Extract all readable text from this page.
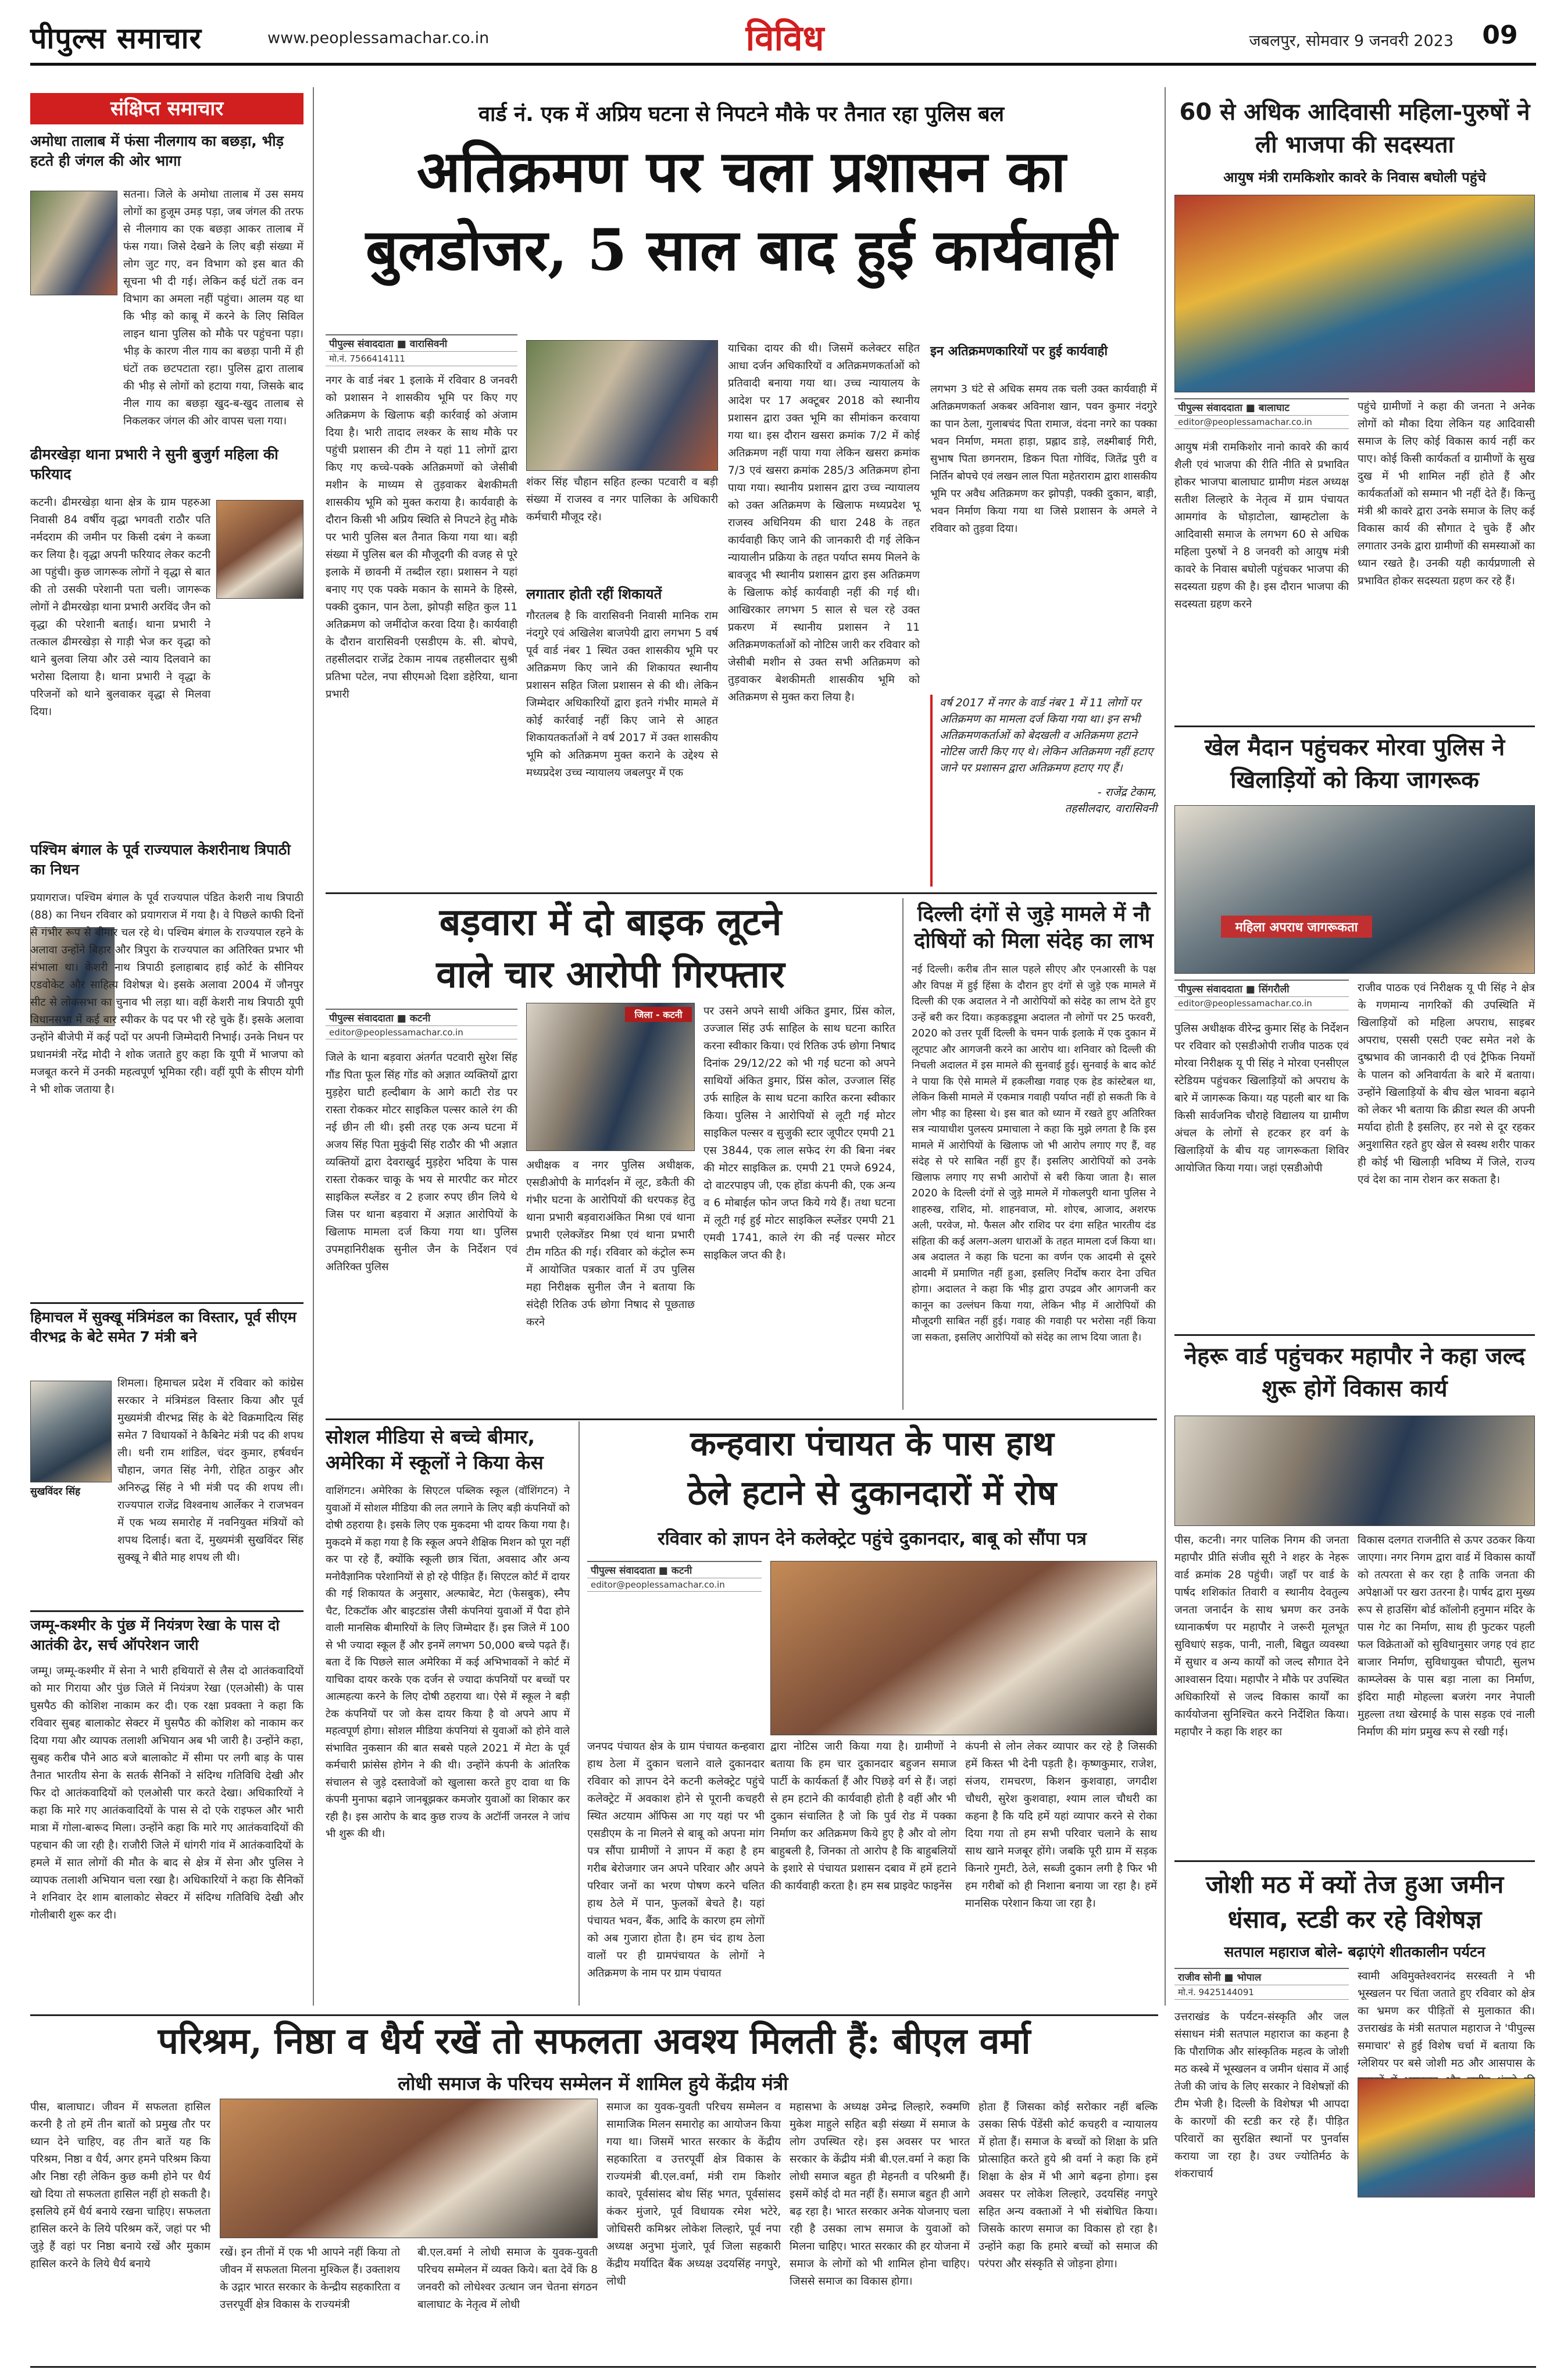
पीपुल्स समाचार	www.peoplessamachar.co.in	विविध	जबलपुर, सोमवार 9 जनवरी 2023	09
संक्षिप्त समाचार
अमोधा तालाब में फंसा नीलगाय का बछड़ा, भीड़ हटते ही जंगल की ओर भागा
सतना। जिले के अमोधा तालाब में उस समय लोगों का हुजूम उमड़ पड़ा, जब जंगल की तरफ से नीलगाय का एक बछड़ा आकर तालाब में फंस गया। जिसे देखने के लिए बड़ी संख्या में लोग जुट गए, वन विभाग को इस बात की सूचना भी दी गई। लेकिन कई घंटों तक वन विभाग का अमला नहीं पहुंचा। आलम यह था कि भीड़ को काबू में करने के लिए सिविल लाइन थाना पुलिस को मौके पर पहुंचना पड़ा। भीड़ के कारण नील गाय का बछड़ा पानी में ही घंटों तक छटपटाता रहा। पुलिस द्वारा तालाब की भीड़ से लोगों को हटाया गया, जिसके बाद नील गाय का बछड़ा खुद-ब-खुद तालाब से निकलकर जंगल की ओर वापस चला गया।
ढीमरखेड़ा थाना प्रभारी ने सुनी बुजुर्ग महिला की फरियाद
कटनी। ढीमरखेड़ा थाना क्षेत्र के ग्राम पहरुआ निवासी 84 वर्षीय वृद्धा भगवती राठौर पति नर्मदराम की जमीन पर किसी दबंग ने कब्जा कर लिया है। वृद्धा अपनी फरियाद लेकर कटनी आ पहुंची। कुछ जागरूक लोगों ने वृद्धा से बात की तो उसकी परेशानी पता चली। जागरूक लोगों ने ढीमरखेड़ा थाना प्रभारी अरविंद जैन को वृद्धा की परेशानी बताई। थाना प्रभारी ने तत्काल ढीमरखेड़ा से गाड़ी भेज कर वृद्धा को थाने बुलवा लिया और उसे न्याय दिलवाने का भरोसा दिलाया है। थाना प्रभारी ने वृद्धा के परिजनों को थाने बुलवाकर वृद्धा से मिलवा दिया।
पश्चिम बंगाल के पूर्व राज्यपाल केशरीनाथ त्रिपाठी का निधन
प्रयागराज। पश्चिम बंगाल के पूर्व राज्यपाल पंडित केशरी नाथ त्रिपाठी (88) का निधन रविवार को प्रयागराज में गया है। वे पिछले काफी दिनों से गंभीर रूप से बीमार चल रहे थे। पश्चिम बंगाल के राज्यपाल रहने के अलावा उन्होंने बिहार और त्रिपुरा के राज्यपाल का अतिरिक्त प्रभार भी संभाला था। केशरी नाथ त्रिपाठी इलाहाबाद हाई कोर्ट के सीनियर एडवोकेट और साहित्य विशेषज्ञ थे। इसके अलावा 2004 में जौनपुर सीट से लोकसभा का चुनाव भी लड़ा था। वहीं केशरी नाथ त्रिपाठी यूपी विधानसभा में कई बार स्पीकर के पद पर भी रहे चुके हैं। इसके अलावा उन्होंने बीजेपी में कई पदों पर अपनी जिम्मेदारी निभाई। उनके निधन पर प्रधानमंत्री नरेंद्र मोदी ने शोक जताते हुए कहा कि यूपी में भाजपा को मजबूत करने में उनकी महत्वपूर्ण भूमिका रही। वहीं यूपी के सीएम योगी ने भी शोक जताया है।
हिमाचल में सुक्खू मंत्रिमंडल का विस्तार, पूर्व सीएम वीरभद्र के बेटे समेत 7 मंत्री बने
सुखविंदर सिंह
शिमला। हिमाचल प्रदेश में रविवार को कांग्रेस सरकार ने मंत्रिमंडल विस्तार किया और पूर्व मुख्यमंत्री वीरभद्र सिंह के बेटे विक्रमादित्य सिंह समेत 7 विधायकों ने कैबिनेट मंत्री पद की शपथ ली। धनी राम शांडिल, चंदर कुमार, हर्षवर्धन चौहान, जगत सिंह नेगी, रोहित ठाकुर और अनिरुद्ध सिंह ने भी मंत्री पद की शपथ ली। राज्यपाल राजेंद्र विश्वनाथ आर्लेकर ने राजभवन में एक भव्य समारोह में नवनियुक्त मंत्रियों को शपथ दिलाई। बता दें, मुख्यमंत्री सुखविंदर सिंह सुक्खू ने बीते माह शपथ ली थी।
जम्मू-कश्मीर के पुंछ में नियंत्रण रेखा के पास दो आतंकी ढेर, सर्च ऑपरेशन जारी
जम्मू। जम्मू-कश्मीर में सेना ने भारी हथियारों से लैस दो आतंकवादियों को मार गिराया और पुंछ जिले में नियंत्रण रेखा (एलओसी) के पास घुसपैठ की कोशिश नाकाम कर दी। एक रक्षा प्रवक्ता ने कहा कि रविवार सुबह बालाकोट सेक्टर में घुसपैठ की कोशिश को नाकाम कर दिया गया और व्यापक तलाशी अभियान अब भी जारी है। उन्होंने कहा, सुबह करीब पौने आठ बजे बालाकोट में सीमा पर लगी बाड़ के पास तैनात भारतीय सेना के सतर्क सैनिकों ने संदिग्ध गतिविधि देखी और फिर दो आतंकवादियों को एलओसी पार करते देखा। अधिकारियों ने कहा कि मारे गए आतंकवादियों के पास से दो एके राइफल और भारी मात्रा में गोला-बारूद मिला। उन्होंने कहा कि मारे गए आतंकवादियों की पहचान की जा रही है। राजौरी जिले में धांगरी गांव में आतंकवादियों के हमले में सात लोगों की मौत के बाद से क्षेत्र में सेना और पुलिस ने व्यापक तलाशी अभियान चला रखा है। अधिकारियों ने कहा कि सैनिकों ने शनिवार देर शाम बालाकोट सेक्टर में संदिग्ध गतिविधि देखी और गोलीबारी शुरू कर दी।
वार्ड नं. एक में अप्रिय घटना से निपटने मौके पर तैनात रहा पुलिस बल
अतिक्रमण पर चला प्रशासन का
बुलडोजर, 5 साल बाद हुई कार्यवाही
पीपुल्स संवाददाता ■ वारासिवनी
मो.नं. 7566414111
नगर के वार्ड नंबर 1 इलाके में रविवार 8 जनवरी को प्रशासन ने शासकीय भूमि पर किए गए अतिक्रमण के खिलाफ बड़ी कार्रवाई को अंजाम दिया है। भारी तादाद लश्कर के साथ मौके पर पहुंची प्रशासन की टीम ने यहां 11 लोगों द्वारा किए गए कच्चे-पक्के अतिक्रमणों को जेसीबी मशीन के माध्यम से तुड़वाकर बेशकीमती शासकीय भूमि को मुक्त कराया है। कार्यवाही के दौरान किसी भी अप्रिय स्थिति से निपटने हेतु मौके पर भारी पुलिस बल तैनात किया गया था। बड़ी संख्या में पुलिस बल की मौजूदगी की वजह से पूरे इलाके में छावनी में तब्दील रहा। प्रशासन ने यहां बनाए गए एक पक्के मकान के सामने के हिस्से, पक्की दुकान, पान ठेला, झोपड़ी सहित कुल 11 अतिक्रमण को जमींदोज करवा दिया है। कार्यवाही के दौरान वारासिवनी एसडीएम के. सी. बोपचे, तहसीलदार राजेंद्र टेकाम नायब तहसीलदार सुश्री प्रतिभा पटेल, नपा सीएमओ दिशा डहेरिया, थाना प्रभारी
शंकर सिंह चौहान सहित हल्का पटवारी व बड़ी संख्या में राजस्व व नगर पालिका के अधिकारी कर्मचारी मौजूद रहे।
लगातार होती रहीं शिकायतें
गौरतलब है कि वारासिवनी निवासी मानिक राम नंदगुरे एवं अखिलेश बाजपेयी द्वारा लगभग 5 वर्ष पूर्व वार्ड नंबर 1 स्थित उक्त शासकीय भूमि पर अतिक्रमण किए जाने की शिकायत स्थानीय प्रशासन सहित जिला प्रशासन से की थी। लेकिन जिम्मेदार अधिकारियों द्वारा इतने गंभीर मामले में कोई कार्रवाई नहीं किए जाने से आहत शिकायतकर्ताओं ने वर्ष 2017 में उक्त शासकीय भूमि को अतिक्रमण मुक्त कराने के उद्देश्य से मध्यप्रदेश उच्च न्यायालय जबलपुर में एक
याचिका दायर की थी। जिसमें कलेक्टर सहित आधा दर्जन अधिकारियों व अतिक्रमणकर्ताओं को प्रतिवादी बनाया गया था। उच्च न्यायालय के आदेश पर 17 अक्टूबर 2018 को स्थानीय प्रशासन द्वारा उक्त भूमि का सीमांकन करवाया गया था। इस दौरान खसरा क्रमांक 7/2 में कोई अतिक्रमण नहीं पाया गया लेकिन खसरा क्रमांक 7/3 एवं खसरा क्रमांक 285/3 अतिक्रमण होना पाया गया। स्थानीय प्रशासन द्वारा उच्च न्यायालय को उक्त अतिक्रमण के खिलाफ मध्यप्रदेश भू राजस्व अधिनियम की धारा 248 के तहत कार्यवाही किए जाने की जानकारी दी गई लेकिन न्यायालीन प्रक्रिया के तहत पर्याप्त समय मिलने के बावजूद भी स्थानीय प्रशासन द्वारा इस अतिक्रमण के खिलाफ कोई कार्यवाही नहीं की गई थी। आखिरकार लगभग 5 साल से चल रहे उक्त प्रकरण में स्थानीय प्रशासन ने 11 अतिक्रमणकर्ताओं को नोटिस जारी कर रविवार को जेसीबी मशीन से उक्त सभी अतिक्रमण को तुड़वाकर बेशकीमती शासकीय भूमि को अतिक्रमण से मुक्त करा लिया है।
इन अतिक्रमणकारियों पर हुई कार्यवाही
लगभग 3 घंटे से अधिक समय तक चली उक्त कार्यवाही में अतिक्रमणकर्ता अकबर अविनाश खान, पवन कुमार नंदगुरे का पान ठेला, गुलाबचंद पिता रामाज, वंदना नगरे का पक्का भवन निर्माण, ममता हाड़ा, प्रह्लाद डाड़े, लक्ष्मीबाई गिरी, सुभाष पिता छगनराम, डिकन पिता गोविंद, जितेंद्र पुरी व निर्तिन बोपचे एवं लखन लाल पिता महेतराराम द्वारा शासकीय भूमि पर अवैध अतिक्रमण कर झोपड़ी, पक्की दुकान, बाड़ी, भवन निर्माण किया गया था जिसे प्रशासन के अमले ने रविवार को तुड़वा दिया।
वर्ष 2017 में नगर के वार्ड नंबर 1 में 11 लोगों पर अतिक्रमण का मामला दर्ज किया गया था। इन सभी अतिक्रमणकर्ताओं को बेदखली व अतिक्रमण हटाने नोटिस जारी किए गए थे। लेकिन अतिक्रमण नहीं हटाए जाने पर प्रशासन द्वारा अतिक्रमण हटाए गए हैं।
- राजेंद्र टेकाम,
तहसीलदार, वारासिवनी
बड़वारा में दो बाइक लूटने
वाले चार आरोपी गिरफ्तार
पीपुल्स संवाददाता ■ कटनी
editor@peoplessamachar.co.in
जिले के थाना बड़वारा अंतर्गत पटवारी सुरेश सिंह गौंड पिता फूल सिंह गोंड को अज्ञात व्यक्तियों द्वारा मुड़हेरा घाटी हल्दीबाग के आगे काटी रोड पर रास्ता रोककर मोटर साइकिल पल्सर काले रंग की नई छीन ली थी। इसी तरह एक अन्य घटना में अजय सिंह पिता मुकुंदी सिंह राठौर की भी अज्ञात व्यक्तियों द्वारा देवराखुर्द मुड़हेरा भदिया के पास रास्ता रोककर चाकू के भय से मारपीट कर मोटर साइकिल स्प्लेंडर व 2 हजार रुपए छीन लिये थे जिस पर थाना बड़वारा में अज्ञात आरोपियों के खिलाफ मामला दर्ज किया गया था। पुलिस उपमहानिरीक्षक सुनील जैन के निर्देशन एवं अतिरिक्त पुलिस
जिला - कटनी
अधीक्षक व नगर पुलिस अधीक्षक, एसडीओपी के मार्गदर्शन में लूट, डकैती की गंभीर घटना के आरोपियों की धरपकड़ हेतु थाना प्रभारी बड़वाराअंकित मिश्रा एवं थाना प्रभारी एलेक्जेंडर मिश्रा एवं थाना प्रभारी टीम गठित की गई। रविवार को कंट्रोल रूम में आयोजित पत्रकार वार्ता में उप पुलिस महा निरीक्षक सुनील जैन ने बताया कि संदेही रितिक उर्फ छोगा निषाद से पूछताछ करने
पर उसने अपने साथी अंकित डुमार, प्रिंस कोल, उज्जाल सिंह उर्फ साहिल के साथ घटना कारित करना स्वीकार किया। एवं रितिक उर्फ छोगा निषाद दिनांक 29/12/22 को भी गई घटना को अपने साथियों अंकित डुमार, प्रिंस कोल, उज्जाल सिंह उर्फ साहिल के साथ घटना कारित करना स्वीकार किया। पुलिस ने आरोपियों से लूटी गई मोटर साइकिल पल्सर व सुजुकी स्टार जूपीटर एमपी 21 एस 3844, एक लाल सफेद रंग की बिना नंबर की मोटर साइकिल क्र. एमपी 21 एमजे 6924, दो वाटरपाइप जी, एक होंडा कंपनी की, एक अन्य व 6 मोबाईल फोन जप्त किये गये हैं। तथा घटना में लूटी गई हुई मोटर साइकिल स्प्लेंडर एमपी 21 एमवी 1741, काले रंग की नई पल्सर मोटर साइकिल जप्त की है।
दिल्ली दंगों से जुड़े मामले में नौ दोषियों को मिला संदेह का लाभ
नई दिल्ली। करीब तीन साल पहले सीएए और एनआरसी के पक्ष और विपक्ष में हुई हिंसा के दौरान हुए दंगों से जुड़े एक मामले में दिल्ली की एक अदालत ने नौ आरोपियों को संदेह का लाभ देते हुए उन्हें बरी कर दिया। कड़कड़डूमा अदालत नौ लोगों पर 25 फरवरी, 2020 को उत्तर पूर्वी दिल्ली के चमन पार्क इलाके में एक दुकान में लूटपाट और आगजनी करने का आरोप था। शनिवार को दिल्ली की निचली अदालत में इस मामले की सुनवाई हुई। सुनवाई के बाद कोर्ट ने पाया कि ऐसे मामले में हकलीखा गवाह एक हेड कांस्टेबल था, लेकिन किसी मामले में एकमात्र गवाही पर्याप्त नहीं हो सकती कि वे लोग भीड़ का हिस्सा थे। इस बात को ध्यान में रखते हुए अतिरिक्त सत्र न्यायाधीश पुलस्त्य प्रमाचाला ने कहा कि मुझे लगता है कि इस मामले में आरोपियों के खिलाफ जो भी आरोप लगाए गए हैं, वह संदेह से परे साबित नहीं हुए हैं। इसलिए आरोपियों को उनके खिलाफ लगाए गए सभी आरोपों से बरी किया जाता है। साल 2020 के दिल्ली दंगों से जुड़े मामले में गोकलपुरी थाना पुलिस ने शाहरुख, राशिद, मो. शाहनवाज, मो. शोएब, आजाद, अशरफ अली, परवेज, मो. फैसल और राशिद पर दंगा सहित भारतीय दंड संहिता की कई अलग-अलग धाराओं के तहत मामला दर्ज किया था। अब अदालत ने कहा कि घटना का वर्णन एक आदमी से दूसरे आदमी में प्रमाणित नहीं हुआ, इसलिए निर्दोष करार देना उचित होगा। अदालत ने कहा कि भीड़ द्वारा उपद्रव और आगजनी कर कानून का उल्लंघन किया गया, लेकिन भीड़ में आरोपियों की मौजूदगी साबित नहीं हुई। गवाह की गवाही पर भरोसा नहीं किया जा सकता, इसलिए आरोपियों को संदेह का लाभ दिया जाता है।
सोशल मीडिया से बच्चे बीमार, अमेरिका में स्कूलों ने किया केस
वाशिंगटन। अमेरिका के सिएटल पब्लिक स्कूल (वॉशिंगटन) ने युवाओं में सोशल मीडिया की लत लगाने के लिए बड़ी कंपनियों को दोषी ठहराया है। इसके लिए एक मुकदमा भी दायर किया गया है। मुकदमे में कहा गया है कि स्कूल अपने शैक्षिक मिशन को पूरा नहीं कर पा रहे हैं, क्योंकि स्कूली छात्र चिंता, अवसाद और अन्य मनोवैज्ञानिक परेशानियों से हो रहे पीड़ित हैं। सिएटल कोर्ट में दायर की गई शिकायत के अनुसार, अल्फाबेट, मेटा (फेसबुक), स्नैप चैट, टिकटॉक और बाइटडांस जैसी कंपनियां युवाओं में पैदा होने वाली मानसिक बीमारियों के लिए जिम्मेदार हैं। इस जिले में 100 से भी ज्यादा स्कूल हैं और इनमें लगभग 50,000 बच्चे पढ़ते हैं। बता दें कि पिछले साल अमेरिका में कई अभिभावकों ने कोर्ट में याचिका दायर करके एक दर्जन से ज्यादा कंपनियों पर बच्चों पर आत्महत्या करने के लिए दोषी ठहराया था। ऐसे में स्कूल ने बड़ी टेक कंपनियों पर जो केस दायर किया है वो अपने आप में महत्वपूर्ण होगा। सोशल मीडिया कंपनियां से युवाओं को होने वाले संभावित नुकसान की बात सबसे पहले 2021 में मेटा के पूर्व कर्मचारी फ्रांसेस होगेन ने की थी। उन्होंने कंपनी के आंतरिक संचालन से जुड़े दस्तावेजों को खुलासा करते हुए दावा था कि कंपनी मुनाफा बढ़ाने जानबूझकर कमजोर युवाओं का शिकार कर रही है। इस आरोप के बाद कुछ राज्य के अटॉर्नी जनरल ने जांच भी शुरू की थी।
कन्हवारा पंचायत के पास हाथ
ठेले हटाने से दुकानदारों में रोष
रविवार को ज्ञापन देने कलेक्ट्रेट पहुंचे दुकानदार, बाबू को सौंपा पत्र
पीपुल्स संवाददाता ■ कटनी
editor@peoplessamachar.co.in
जनपद पंचायत क्षेत्र के ग्राम पंचायत कन्हवारा हाथ ठेला में दुकान चलाने वाले दुकानदार रविवार को ज्ञापन देने कटनी कलेक्ट्रेट पहुंचे कलेक्ट्रेट में अवकाश होने से पूरानी कचहरी स्थित अटयाम ऑफिस आ गए यहां पर भी एसडीएम के ना मिलने से बाबू को अपना मांग पत्र सौंपा ग्रामीणों ने ज्ञापन में कहा है हम गरीब बेरोजगार जन अपने परिवार और अपने परिवार जनों का भरण पोषण करने चलित हाथ ठेले में पान, फुलकों बेचते है। यहां पंचायत भवन, बैंक, आदि के कारण हम लोगों को अब गुजारा होता है। हम चंद हाथ ठेला वालों पर ही ग्रामपंचायत के लोगों ने अतिक्रमण के नाम पर ग्राम पंचायत
द्वारा नोटिस जारी किया गया है। ग्रामीणों ने बताया कि हम चार दुकानदार बहुजन समाज पार्टी के कार्यकर्ता हैं और पिछड़े वर्ग से हैं। जहां से हम हटाने की कार्यवाही होती है वहीं और भी दुकान संचालित है जो कि पुर्व रोड में पक्का निर्माण कर अतिक्रमण किये हुए है और वो लोग बाहुबली है, जिनका तो आरोप है कि बाहुबलियों के इशारे से पंचायत प्रशासन दबाव में हमें हटाने की कार्यवाही करता है। हम सब प्राइवेट फाइनेंस
कंपनी से लोन लेकर व्यापार कर रहे है जिसकी हमें किस्त भी देनी पड़ती है। कृष्णकुमार, राजेश, संजय, रामचरण, किशन कुशवाहा, जगदीश चौधरी, सुरेश कुशवाहा, श्याम लाल चौधरी का कहना है कि यदि हमें यहां व्यापार करने से रोका दिया गया तो हम सभी परिवार चलाने के साथ साथ खाने मजबूर होंगे। जबकि पूरी ग्राम में सड़क किनारे गुमटी, ठेले, सब्जी दुकान लगी है फिर भी हम गरीबों को ही निशाना बनाया जा रहा है। हमें मानसिक परेशान किया जा रहा है।
60 से अधिक आदिवासी महिला-पुरुषों ने ली भाजपा की सदस्यता
आयुष मंत्री रामकिशोर कावरे के निवास बघोली पहुंचे
पीपुल्स संवाददाता ■ बालाघाट
editor@peoplessamachar.co.in
आयुष मंत्री रामकिशोर नानो कावरे की कार्य शैली एवं भाजपा की रीति नीति से प्रभावित होकर भाजपा बालाघाट ग्रामीण मंडल अध्यक्ष सतीश लिल्हारे के नेतृत्व में ग्राम पंचायत आमगांव के घोड़ाटोला, खाम्हटोला के आदिवासी समाज के लगभग 60 से अधिक महिला पुरुषों ने 8 जनवरी को आयुष मंत्री कावरे के निवास बघोली पहुंचकर भाजपा की सदस्यता ग्रहण की है। इस दौरान भाजपा की सदस्यता ग्रहण करने
पहुंचे ग्रामीणों ने कहा की जनता ने अनेक लोगों को मौका दिया लेकिन यह आदिवासी समाज के लिए कोई विकास कार्य नहीं कर पाए। कोई किसी कार्यकर्ता व ग्रामीणों के सुख दुख में भी शामिल नहीं होते हैं और कार्यकर्ताओं को सम्मान भी नहीं देते हैं। किन्तु मंत्री श्री कावरे द्वारा उनके समाज के लिए कई विकास कार्य की सौगात दे चुके हैं और लगातार उनके द्वारा ग्रामीणों की समस्याओं का ध्यान रखते है। उनकी यही कार्यप्रणाली से प्रभावित होकर सदस्यता ग्रहण कर रहे हैं।
खेल मैदान पहुंचकर मोरवा पुलिस ने खिलाड़ियों को किया जागरूक
महिला अपराध जागरूकता
पीपुल्स संवाददाता ■ सिंगरौली
editor@peoplessamachar.co.in
पुलिस अधीक्षक वीरेन्द्र कुमार सिंह के निर्देशन पर रविवार को एसडीओपी राजीव पाठक एवं मोरवा निरीक्षक यू पी सिंह ने मोरवा एनसीएल स्टेडियम पहुंचकर खिलाड़ियों को अपराध के बारे में जागरूक किया। यह पहली बार था कि किसी सार्वजनिक चौराहे विद्यालय या ग्रामीण अंचल के लोगों से हटकर हर वर्ग के खिलाड़ियों के बीच यह जागरूकता शिविर आयोजित किया गया। जहां एसडीओपी
राजीव पाठक एवं निरीक्षक यू पी सिंह ने क्षेत्र के गणमान्य नागरिकों की उपस्थिति में खिलाड़ियों को महिला अपराध, साइबर अपराध, एससी एसटी एक्ट समेत नशे के दुष्प्रभाव की जानकारी दी एवं ट्रैफिक नियमों के पालन को अनिवार्यता के बारे में बताया। उन्होंने खिलाड़ियों के बीच खेल भावना बढ़ाने को लेकर भी बताया कि क्रीडा स्थल की अपनी मर्यादा होती है इसलिए, हर नशे से दूर रहकर अनुशासित रहते हुए खेल से स्वस्थ शरीर पाकर ही कोई भी खिलाड़ी भविष्य में जिले, राज्य एवं देश का नाम रोशन कर सकता है।
नेहरू वार्ड पहुंचकर महापौर ने कहा जल्द शुरू होगें विकास कार्य
पीस, कटनी। नगर पालिक निगम की जनता महापौर प्रीति संजीव सूरी ने शहर के नेहरू वार्ड क्रमांक 28 पहुंची। जहाँ पर वार्ड के पार्षद शशिकांत तिवारी व स्थानीय देवतुल्य जनता जनार्दन के साथ भ्रमण कर उनके ध्यानाकर्षण पर महापौर ने जरूरी मूलभूत सुविधाएं सड़क, पानी, नाली, बिद्युत व्यवस्था में सुधार व अन्य कार्यों को जल्द सौगात देने आश्वासन दिया। महापौर ने मौके पर उपस्थित अधिकारियों से जल्द विकास कार्यों का कार्ययोजना सुनिश्चित करने निर्देशित किया। महापौर ने कहा कि शहर का
विकास दलगत राजनीति से ऊपर उठकर किया जाएगा। नगर निगम द्वारा वार्ड में विकास कार्यों को तत्परता से कर रहा है ताकि जनता की अपेक्षाओं पर खरा उतरना है। पार्षद द्वारा मुख्य रूप से हाउसिंग बोर्ड कॉलोनी हनुमान मंदिर के पास गेट का निर्माण, साथ ही फुटकर पहली फल विक्रेताओं को सुविधानुसार जगह एवं हाट बाजार निर्माण, सुविधायुक्त चौपाटी, सुलभ काम्प्लेक्स के पास बड़ा नाला का निर्माण, इंदिरा माही मोहल्ला बजरंग नगर नेपाली मुहल्ला तथा खेरमाई के पास सड़क एवं नाली निर्माण की मांग प्रमुख रूप से रखी गई।
जोशी मठ में क्यों तेज हुआ जमीन
धंसाव, स्टडी कर रहे विशेषज्ञ
सतपाल महाराज बोले- बढ़ाएंगे शीतकालीन पर्यटन
राजीव सोनी ■ भोपाल
मो.नं. 9425144091
उत्तराखंड के पर्यटन-संस्कृति और जल संसाधन मंत्री सतपाल महाराज का कहना है कि पौराणिक और सांस्कृतिक महत्व के जोशी मठ कस्बे में भूस्खलन व जमीन धंसाव में आई तेजी की जांच के लिए सरकार ने विशेषज्ञों की टीम भेजी है। दिल्ली के विशेषज्ञ भी आपदा के कारणों की स्टडी कर रहे हैं। पीड़ित परिवारों का सुरक्षित स्थानों पर पुनर्वास कराया जा रहा है। उधर ज्योतिर्मठ के शंकराचार्य
स्वामी अविमुक्तेश्वरानंद सरस्वती ने भी भूस्खलन पर चिंता जताते हुए रविवार को क्षेत्र का भ्रमण कर पीड़ितों से मुलाकात की। उत्तराखंड के मंत्री सतपाल महाराज ने 'पीपुल्स समाचार' से हुई विशेष चर्चा में बताया कि ग्लेशियर पर बसे जोशी मठ और आसपास के
परिश्रम, निष्ठा व धैर्य रखें तो सफलता अवश्य मिलती हैं: बीएल वर्मा
लोधी समाज के परिचय सम्मेलन में शामिल हुये केंद्रीय मंत्री
पीस, बालाघाट। जीवन में सफलता हासिल करनी है तो हमें तीन बातों को प्रमुख तौर पर ध्यान देने चाहिए, वह तीन बातें यह कि परिश्रम, निष्ठा व धैर्य, अगर हमने परिश्रम किया और निष्ठा रही लेकिन कुछ कमी होने पर धैर्य खो दिया तो सफलता हासिल नहीं हो सकती है। इसलिये हमें धैर्य बनाये रखना चाहिए। सफलता हासिल करने के लिये परिश्रम करें, जहां पर भी जुड़े हैं वहां पर निष्ठा बनाये रखें और मुकाम हासिल करने के लिये धैर्य बनाये
रखें। इन तीनों में एक भी आपने नहीं किया तो जीवन में सफलता मिलना मुश्किल हैं। उक्ताशय के उद्गार भारत सरकार के केन्द्रीय सहकारिता व उत्तरपूर्वी क्षेत्र विकास के राज्यमंत्री
बी.एल.वर्मा ने लोधी समाज के युवक-युवती परिचय सम्मेलन में व्यक्त किये। बता देवें कि 8 जनवरी को लोधेश्वर उत्थान जन चेतना संगठन बालाघाट के नेतृत्व में लोधी
समाज का युवक-युवती परिचय सम्मेलन व सामाजिक मिलन समारोह का आयोजन किया गया था। जिसमें भारत सरकार के केंद्रीय सहकारिता व उत्तरपूर्वी क्षेत्र विकास के राज्यमंत्री बी.एल.वर्मा, मंत्री राम किशोर कावरे, पूर्वसांसद बोध सिंह भगत, पूर्वसांसद कंकर मुंजारे, पूर्व विधायक रमेश भटेरे, जोधिसरी कमिश्नर लोकेश लिल्हारे, पूर्व नपा अध्यक्ष अनुभा मुंजारे, पूर्व जिला सहकारी केंद्रीय मर्यादित बैंक अध्यक्ष उदयसिंह नगपुरे, लोधी
महासभा के अध्यक्ष उमेन्द्र लिल्हारे, रुक्मणि मुकेश माहुले सहित बड़ी संख्या में समाज के लोग उपस्थित रहे। इस अवसर पर भारत सरकार के केंद्रीय मंत्री बी.एल.वर्मा ने कहा कि लोधी समाज बहुत ही मेहनती व परिश्रमी हैं। इसमें कोई दो मत नहीं हैं। समाज बहुत ही आगे बढ़ रहा है। भारत सरकार अनेक योजनाए चला रही है उसका लाभ समाज के युवाओं को मिलना चाहिए। भारत सरकार की हर योजना में समाज के लोगों को भी शामिल होना चाहिए। जिससे समाज का विकास होगा।
होता हैं जिसका कोई सरोकार नहीं बल्कि उसका सिर्फ पेंडेंसी कोर्ट कचहरी व न्यायालय में होता हैं। समाज के बच्चों को शिक्षा के प्रति प्रोत्साहित करते हुये श्री वर्मा ने कहा कि हमें शिक्षा के क्षेत्र में भी आगे बढ़ना होगा। इस अवसर पर लोकेश लिल्हारे, उदयसिंह नगपुरे सहित अन्य वक्ताओं ने भी संबोधित किया। जिसके कारण समाज का विकास हो रहा है। उन्होंने कहा कि हमारे बच्चों को समाज की परंपरा और संस्कृति से जोड़ना होगा।
